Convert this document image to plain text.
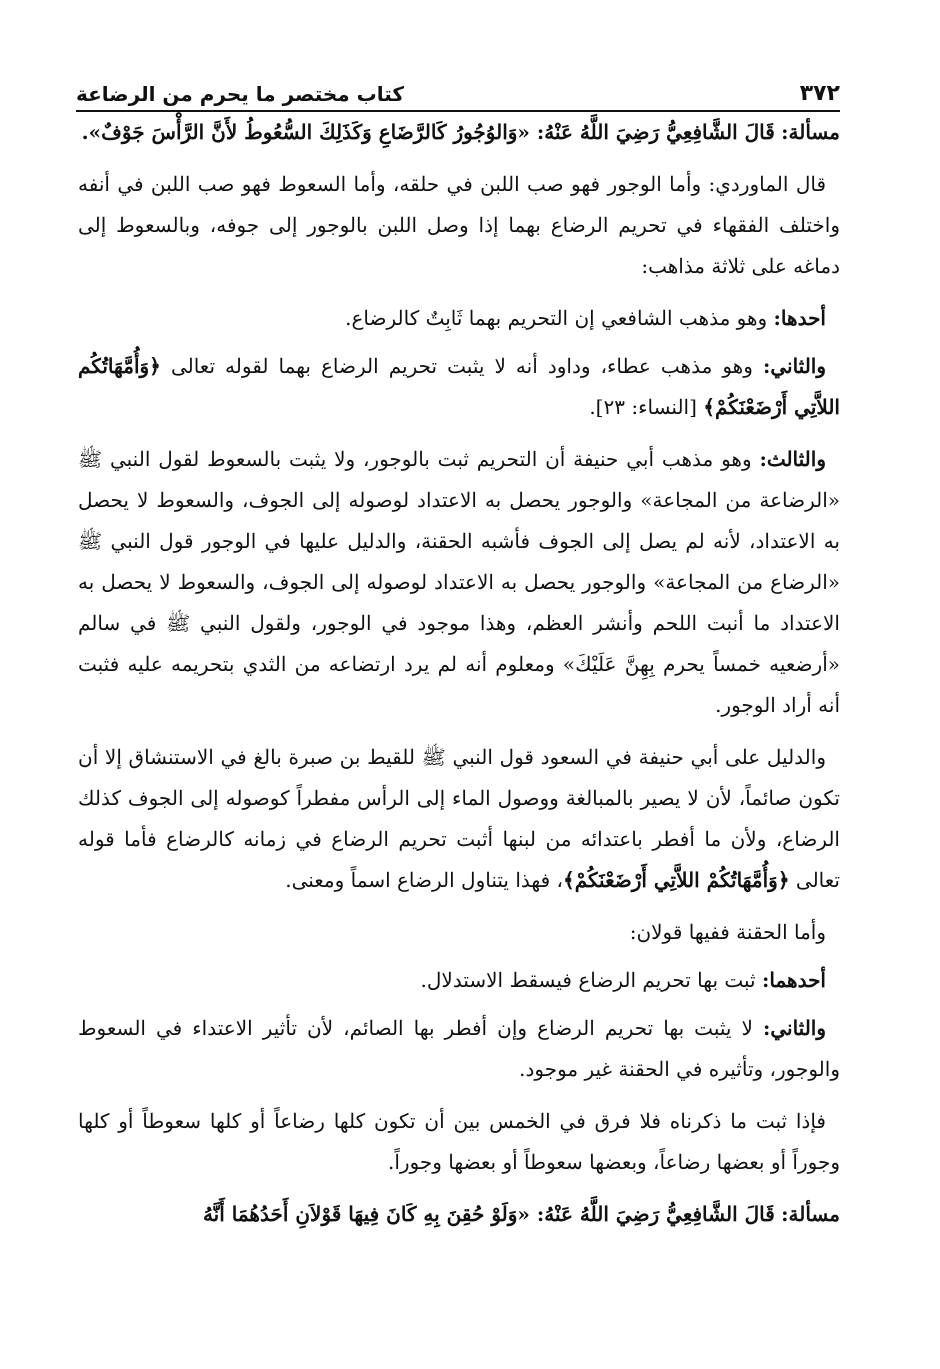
٣٧٢
كتاب مختصر ما يحرم من الرضاعة

مسألة: قَالَ الشَّافِعِيُّ رَضِيَ اللَّهُ عَنْهُ: «وَالوُجُورُ كَالرَّضَاعِ وَكَذَلِكَ السُّعُوطُ لأَنَّ الرَّأْسَ جَوْفٌ».

قال الماوردي: وأما الوجور فهو صب اللبن في حلقه، وأما السعوط فهو صب اللبن في أنفه واختلف الفقهاء في تحريم الرضاع بهما إذا وصل اللبن بالوجور إلى جوفه، وبالسعوط إلى دماغه على ثلاثة مذاهب:

أحدها: وهو مذهب الشافعي إن التحريم بهما ثَابِتٌ كالرضاع.

والثاني: وهو مذهب عطاء، وداود أنه لا يثبت تحريم الرضاع بهما لقوله تعالى ﴿وَأُمَّهَاتُكُم اللاَّتِي أَرْضَعْنَكُمْ﴾ [النساء: ٢٣].

والثالث: وهو مذهب أبي حنيفة أن التحريم ثبت بالوجور، ولا يثبت بالسعوط لقول النبي ﷺ «الرضاعة من المجاعة» والوجور يحصل به الاعتداد لوصوله إلى الجوف، والسعوط لا يحصل به الاعتداد، لأنه لم يصل إلى الجوف فأشبه الحقنة، والدليل عليها في الوجور قول النبي ﷺ «الرضاع من المجاعة» والوجور يحصل به الاعتداد لوصوله إلى الجوف، والسعوط لا يحصل به الاعتداد ما أنبت اللحم وأنشر العظم، وهذا موجود في الوجور، ولقول النبي ﷺ في سالم «أرضعيه خمساً يحرم بِهِنَّ عَلَيْكَ» ومعلوم أنه لم يرد ارتضاعه من الثدي بتحريمه عليه فثبت أنه أراد الوجور.

والدليل على أبي حنيفة في السعود قول النبي ﷺ للقيط بن صبرة بالغ في الاستنشاق إلا أن تكون صائماً، لأن لا يصير بالمبالغة ووصول الماء إلى الرأس مفطراً كوصوله إلى الجوف كذلك الرضاع، ولأن ما أفطر باعتدائه من لبنها أثبت تحريم الرضاع في زمانه كالرضاع فأما قوله تعالى ﴿وَأُمَّهَاتُكُمْ اللاَّتِي أَرْضَعْنَكُمْ﴾، فهذا يتناول الرضاع اسماً ومعنى.

وأما الحقنة ففيها قولان:

أحدهما: ثبت بها تحريم الرضاع فيسقط الاستدلال.

والثاني: لا يثبت بها تحريم الرضاع وإن أفطر بها الصائم، لأن تأثير الاعتداء في السعوط والوجور، وتأثيره في الحقنة غير موجود.

فإذا ثبت ما ذكرناه فلا فرق في الخمس بين أن تكون كلها رضاعاً أو كلها سعوطاً أو كلها وجوراً أو بعضها رضاعاً، وبعضها سعوطاً أو بعضها وجوراً.

مسألة: قَالَ الشَّافِعِيُّ رَضِيَ اللَّهُ عَنْهُ: «وَلَوْ حُقِنَ بِهِ كَانَ فِيهَا قَوْلاَنِ أَحَدُهُمَا أَنَّهُ
